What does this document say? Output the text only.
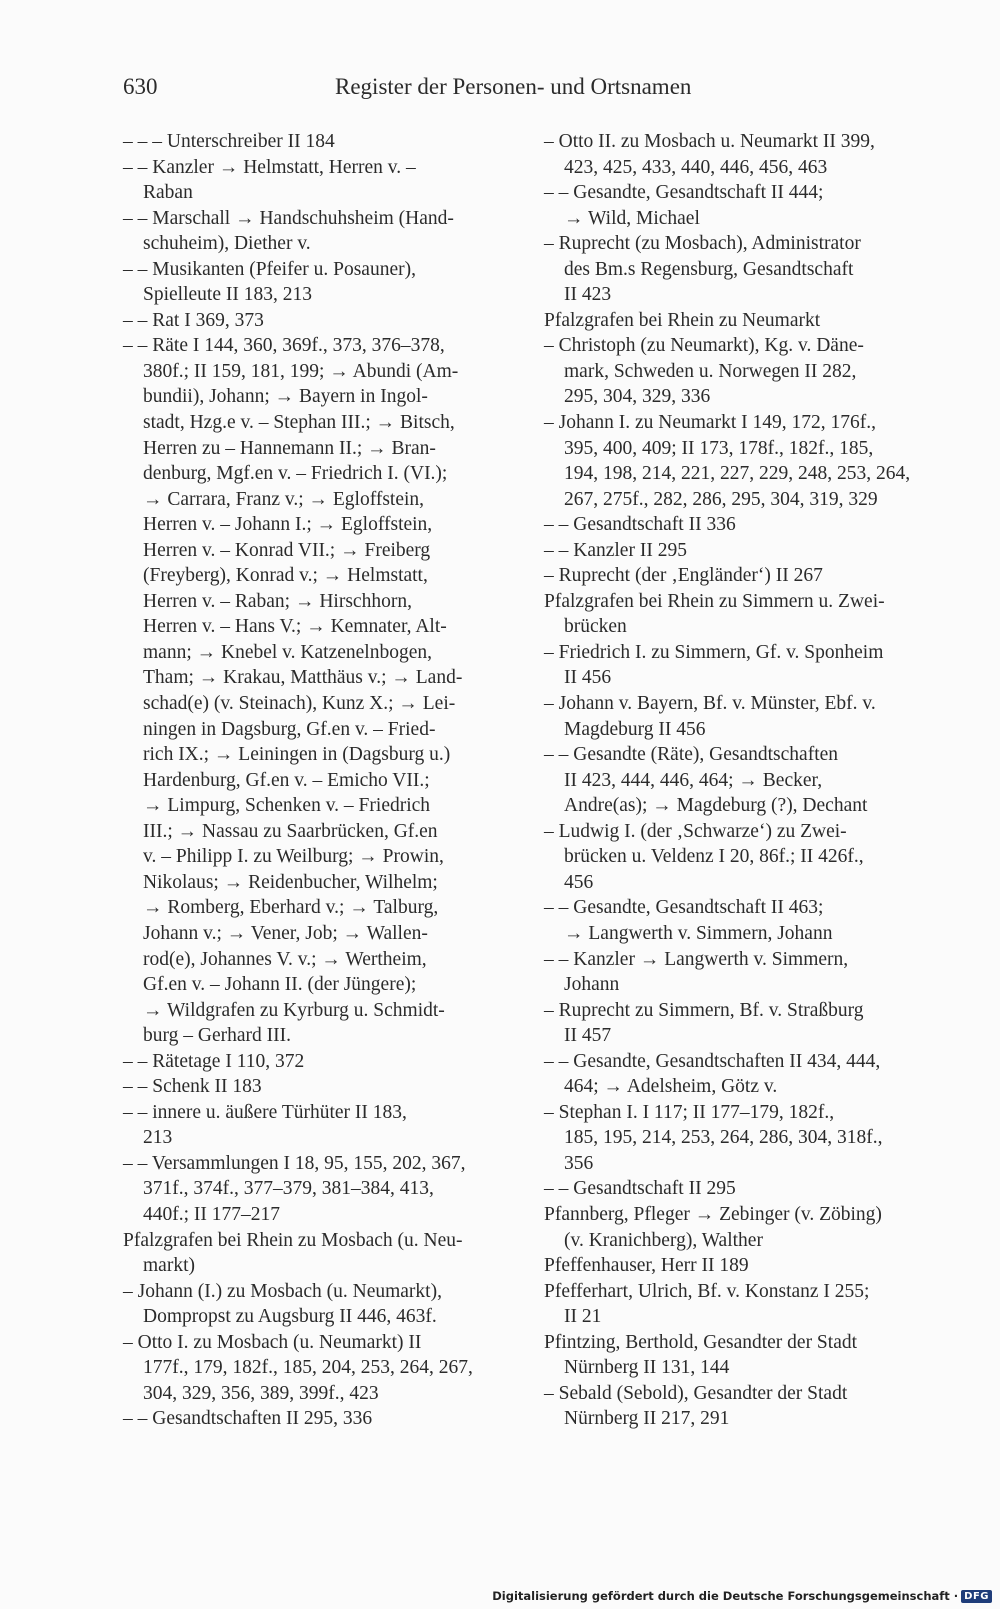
630	Register der Personen- und Ortsnamen
– – – Unterschreiber II 184
– – Kanzler → Helmstatt, Herren v. –
Raban
– – Marschall → Handschuhsheim (Hand-
schuheim), Diether v.
– – Musikanten (Pfeifer u. Posauner),
Spielleute II 183, 213
– – Rat I 369, 373
– – Räte I 144, 360, 369f., 373, 376–378,
380f.; II 159, 181, 199; → Abundi (Am-
bundii), Johann; → Bayern in Ingol-
stadt, Hzg.e v. – Stephan III.; → Bitsch,
Herren zu – Hannemann II.; → Bran-
denburg, Mgf.en v. – Friedrich I. (VI.);
→ Carrara, Franz v.; → Egloffstein,
Herren v. – Johann I.; → Egloffstein,
Herren v. – Konrad VII.; → Freiberg
(Freyberg), Konrad v.; → Helmstatt,
Herren v. – Raban; → Hirschhorn,
Herren v. – Hans V.; → Kemnater, Alt-
mann; → Knebel v. Katzenelnbogen,
Tham; → Krakau, Matthäus v.; → Land-
schad(e) (v. Steinach), Kunz X.; → Lei-
ningen in Dagsburg, Gf.en v. – Fried-
rich IX.; → Leiningen in (Dagsburg u.)
Hardenburg, Gf.en v. – Emicho VII.;
→ Limpurg, Schenken v. – Friedrich
III.; → Nassau zu Saarbrücken, Gf.en
v. – Philipp I. zu Weilburg; → Prowin,
Nikolaus; → Reidenbucher, Wilhelm;
→ Romberg, Eberhard v.; → Talburg,
Johann v.; → Vener, Job; → Wallen-
rod(e), Johannes V. v.; → Wertheim,
Gf.en v. – Johann II. (der Jüngere);
→ Wildgrafen zu Kyrburg u. Schmidt-
burg – Gerhard III.
– – Rätetage I 110, 372
– – Schenk II 183
– – innere u. äußere Türhüter II 183,
213
– – Versammlungen I 18, 95, 155, 202, 367,
371f., 374f., 377–379, 381–384, 413,
440f.; II 177–217
Pfalzgrafen bei Rhein zu Mosbach (u. Neu-
markt)
– Johann (I.) zu Mosbach (u. Neumarkt),
Dompropst zu Augsburg II 446, 463f.
– Otto I. zu Mosbach (u. Neumarkt) II
177f., 179, 182f., 185, 204, 253, 264, 267,
304, 329, 356, 389, 399f., 423
– – Gesandtschaften II 295, 336
– Otto II. zu Mosbach u. Neumarkt II 399,
423, 425, 433, 440, 446, 456, 463
– – Gesandte, Gesandtschaft II 444;
→ Wild, Michael
– Ruprecht (zu Mosbach), Administrator
des Bm.s Regensburg, Gesandtschaft
II 423
Pfalzgrafen bei Rhein zu Neumarkt
– Christoph (zu Neumarkt), Kg. v. Däne-
mark, Schweden u. Norwegen II 282,
295, 304, 329, 336
– Johann I. zu Neumarkt I 149, 172, 176f.,
395, 400, 409; II 173, 178f., 182f., 185,
194, 198, 214, 221, 227, 229, 248, 253, 264,
267, 275f., 282, 286, 295, 304, 319, 329
– – Gesandtschaft II 336
– – Kanzler II 295
– Ruprecht (der ‚Engländer‘) II 267
Pfalzgrafen bei Rhein zu Simmern u. Zwei-
brücken
– Friedrich I. zu Simmern, Gf. v. Sponheim
II 456
– Johann v. Bayern, Bf. v. Münster, Ebf. v.
Magdeburg II 456
– – Gesandte (Räte), Gesandtschaften
II 423, 444, 446, 464; → Becker,
Andre(as); → Magdeburg (?), Dechant
– Ludwig I. (der ‚Schwarze‘) zu Zwei-
brücken u. Veldenz I 20, 86f.; II 426f.,
456
– – Gesandte, Gesandtschaft II 463;
→ Langwerth v. Simmern, Johann
– – Kanzler → Langwerth v. Simmern,
Johann
– Ruprecht zu Simmern, Bf. v. Straßburg
II 457
– – Gesandte, Gesandtschaften II 434, 444,
464; → Adelsheim, Götz v.
– Stephan I. I 117; II 177–179, 182f.,
185, 195, 214, 253, 264, 286, 304, 318f.,
356
– – Gesandtschaft II 295
Pfannberg, Pfleger → Zebinger (v. Zöbing)
(v. Kranichberg), Walther
Pfeffenhauser, Herr II 189
Pfefferhart, Ulrich, Bf. v. Konstanz I 255;
II 21
Pfintzing, Berthold, Gesandter der Stadt
Nürnberg II 131, 144
– Sebald (Sebold), Gesandter der Stadt
Nürnberg II 217, 291
Digitalisierung gefördert durch die Deutsche Forschungsgemeinschaft · DFG
